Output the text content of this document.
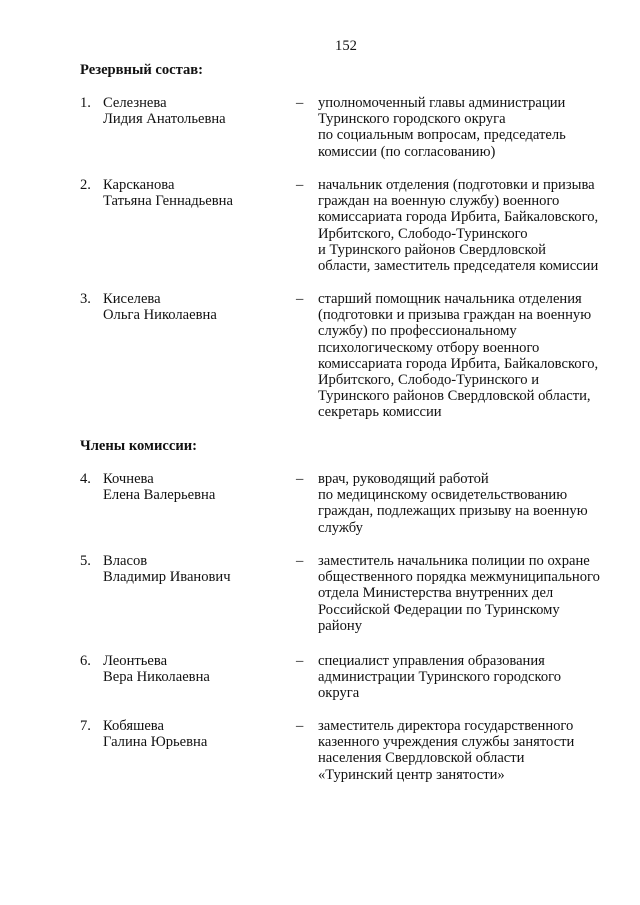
152
Резервный состав:
1. Селезнева
Лидия Анатольевна
–	уполномоченный главы администрации
Туринского городского округа
по социальным вопросам, председатель
комиссии (по согласованию)
2. Карсканова
Татьяна Геннадьевна
–	начальник отделения (подготовки и призыва
граждан на военную службу) военного
комиссариата города Ирбита, Байкаловского,
Ирбитского, Слободо-Туринского
и Туринского районов Свердловской
области, заместитель председателя комиссии
3. Киселева
Ольга Николаевна
–	старший помощник начальника отделения
(подготовки и призыва граждан на военную
службу) по профессиональному
психологическому отбору военного
комиссариата города Ирбита, Байкаловского,
Ирбитского, Слободо-Туринского и
Туринского районов Свердловской области,
секретарь комиссии
Члены комиссии:
4. Кочнева
Елена Валерьевна
–	врач, руководящий работой
по медицинскому освидетельствованию
граждан, подлежащих призыву на военную
службу
5. Власов
Владимир Иванович
–	заместитель начальника полиции по охране
общественного порядка межмуниципального
отдела Министерства внутренних дел
Российской Федерации по Туринскому
району
6. Леонтьева
Вера Николаевна
–	специалист управления образования
администрации Туринского городского
округа
7. Кобяшева
Галина Юрьевна
–	заместитель директора государственного
казенного учреждения службы занятости
населения Свердловской области
«Туринский центр занятости»
